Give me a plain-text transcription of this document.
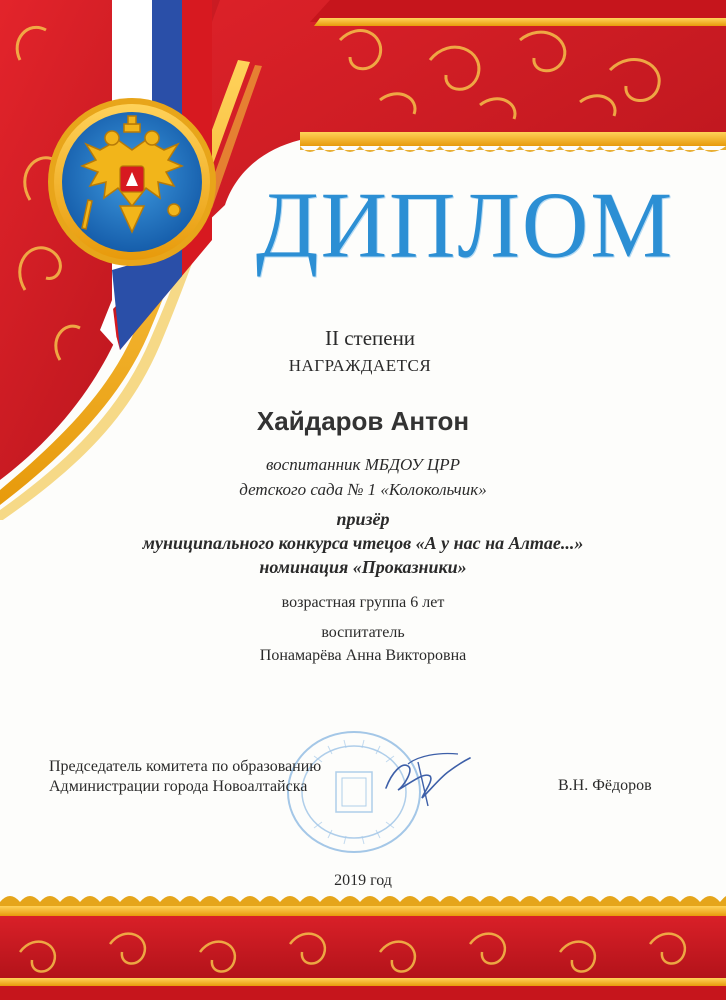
ДИПЛОМ
II степени
НАГРАЖДАЕТСЯ
Хайдаров Антон
воспитанник МБДОУ ЦРР
детского сада № 1 «Колокольчик»
призёр
муниципального конкурса чтецов «А у нас на Алтае...»
номинация «Проказники»
возрастная группа 6 лет
воспитатель
Понамарёва Анна Викторовна
Председатель комитета по образованию
Администрации города Новоалтайска	В.Н. Фёдоров
2019 год
